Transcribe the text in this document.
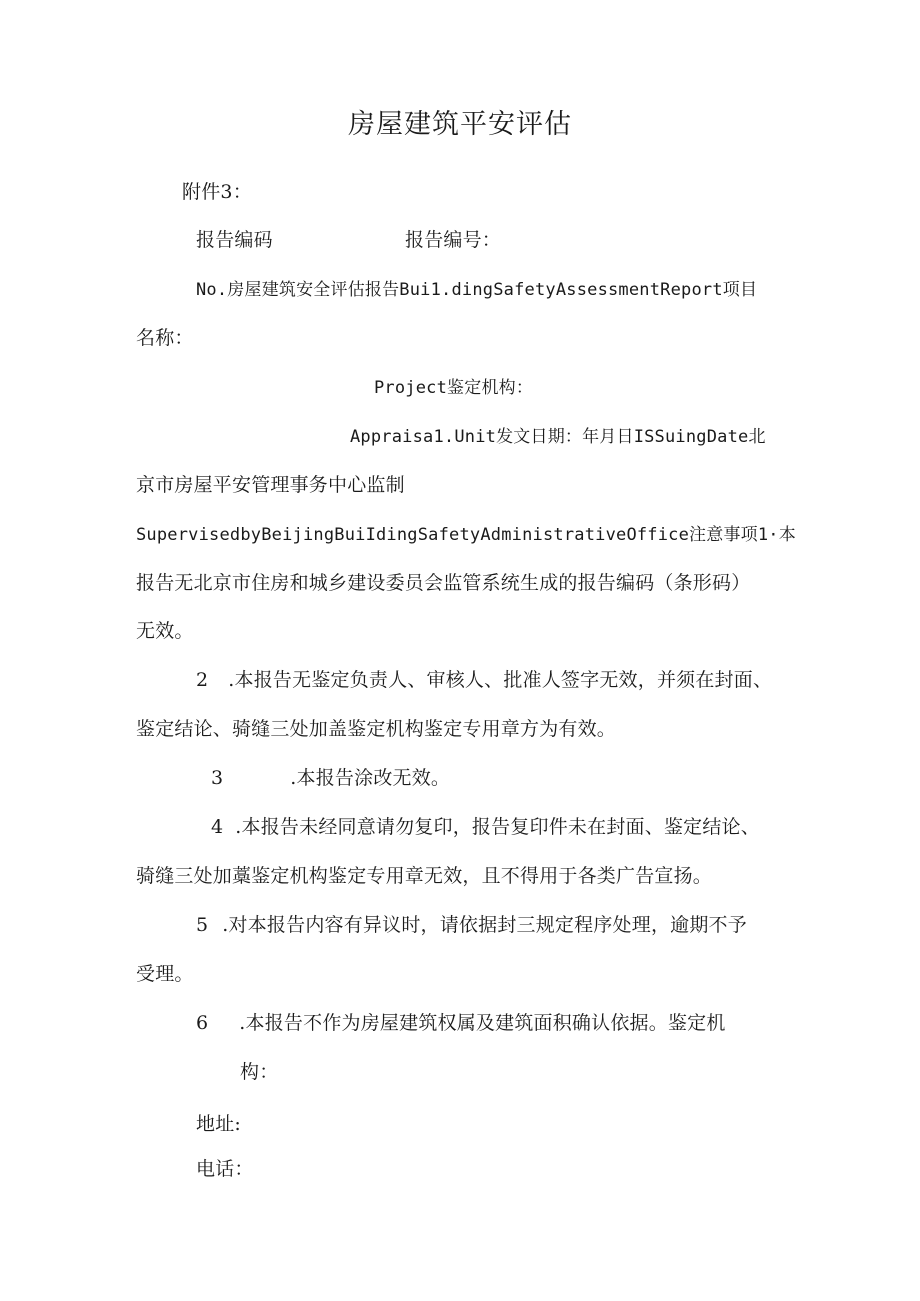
房屋建筑平安评估
附件3：
报告编码	报告编号：
No.房屋建筑安全评估报告Bui1.dingSafetyAssessmentReport项目
名称：
Project鉴定机构：
Appraisa1.Unit发文日期：年月日ISSuingDate北
京市房屋平安管理事务中心监制
SupervisedbyBeijingBuiIdingSafetyAdministrativeOffice注意事项1·本
报告无北京市住房和城乡建设委员会监管系统生成的报告编码（条形码）
无效。
2 .本报告无鉴定负责人、审核人、批准人签字无效，并须在封面、
鉴定结论、骑缝三处加盖鉴定机构鉴定专用章方为有效。
3	.本报告涂改无效。
4 .本报告未经同意请勿复印，报告复印件未在封面、鉴定结论、
骑缝三处加藁鉴定机构鉴定专用章无效，且不得用于各类广告宣扬。
5 .对本报告内容有异议时，请依据封三规定程序处理，逾期不予
受理。
6 .本报告不作为房屋建筑权属及建筑面积确认依据。鉴定机
构：
地址:
电话：
